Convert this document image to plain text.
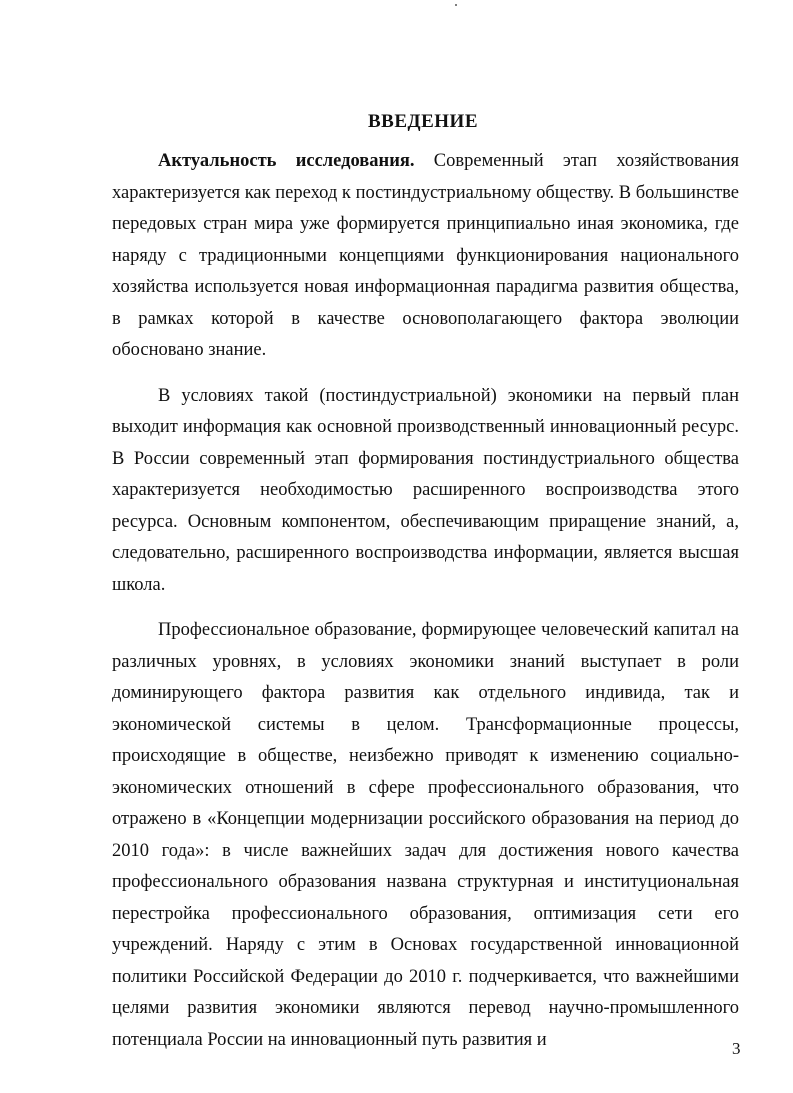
ВВЕДЕНИЕ

Актуальность исследования. Современный этап хозяйствования характеризуется как переход к постиндустриальному обществу. В большинстве передовых стран мира уже формируется принципиально иная экономика, где наряду с традиционными концепциями функционирования национального хозяйства используется новая информационная парадигма развития общества, в рамках которой в качестве основополагающего фактора эволюции обосновано знание.

В условиях такой (постиндустриальной) экономики на первый план выходит информация как основной производственный инновационный ресурс. В России современный этап формирования постиндустриального общества характеризуется необходимостью расширенного воспроизводства этого ресурса. Основным компонентом, обеспечивающим приращение знаний, а, следовательно, расширенного воспроизводства информации, является высшая школа.

Профессиональное образование, формирующее человеческий капитал на различных уровнях, в условиях экономики знаний выступает в роли доминирующего фактора развития как отдельного индивида, так и экономической системы в целом. Трансформационные процессы, происходящие в обществе, неизбежно приводят к изменению социально-экономических отношений в сфере профессионального образования, что отражено в «Концепции модернизации российского образования на период до 2010 года»: в числе важнейших задач для достижения нового качества профессионального образования названа структурная и институциональная перестройка профессионального образования, оптимизация сети его учреждений. Наряду с этим в Основах государственной инновационной политики Российской Федерации до 2010 г. подчеркивается, что важнейшими целями развития экономики являются перевод научно-промышленного потенциала России на инновационный путь развития и	3
